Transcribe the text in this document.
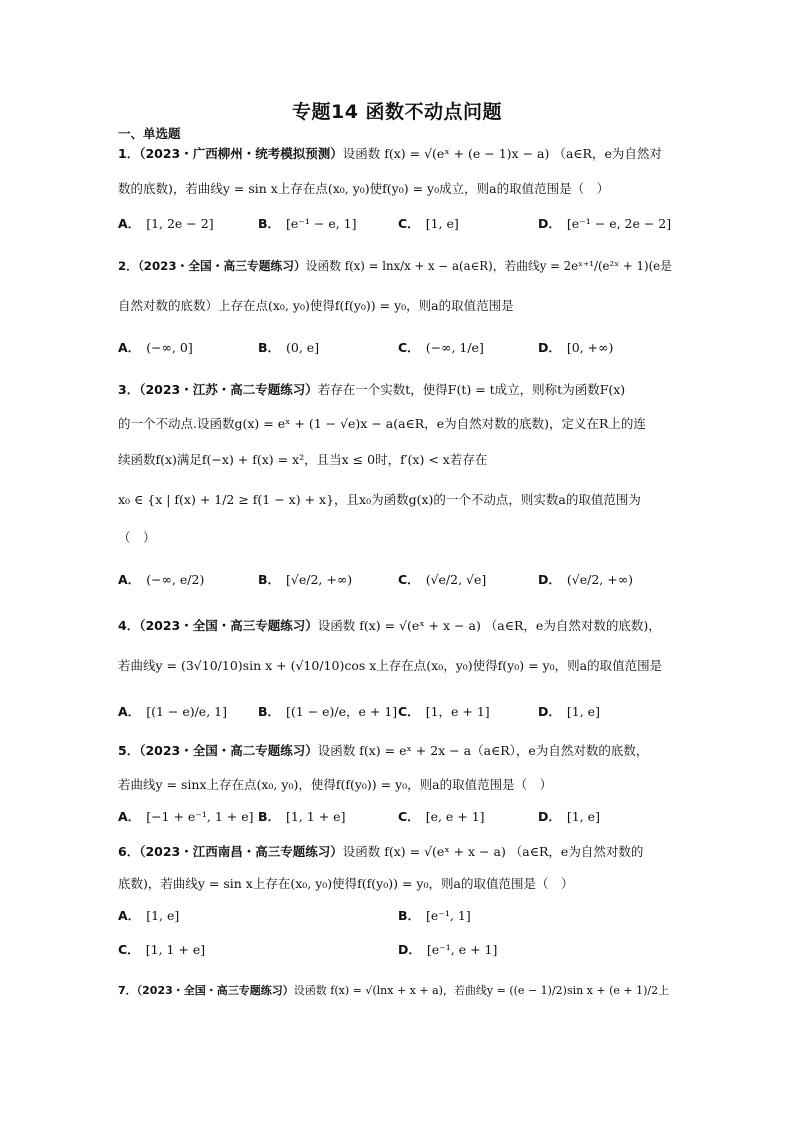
专题14 函数不动点问题
一、单选题
1．（2023・广西柳州・统考模拟预测）设函数 f(x) = √(eˣ + (e − 1)x − a) （a∈R，e为自然对
数的底数)，若曲线y = sin x上存在点(x₀, y₀)使f(y₀) = y₀成立，则a的取值范围是（　）
A． [1, 2e − 2]	B． [e⁻¹ − e, 1]	C． [1, e]	D． [e⁻¹ − e, 2e − 2]
2．（2023・全国・高三专题练习）设函数 f(x) = lnx/x + x − a(a∈R)，若曲线y = 2eˣ⁺¹/(e²ˣ + 1)(e是
自然对数的底数）上存在点(x₀, y₀)使得f(f(y₀)) = y₀，则a的取值范围是
A． (−∞, 0]	B． (0, e]	C． (−∞, 1/e]	D． [0, +∞)
3．（2023・江苏・高二专题练习）若存在一个实数t，使得F(t) = t成立，则称t为函数F(x)
的一个不动点.设函数g(x) = eˣ + (1 − √e)x − a(a∈R，e为自然对数的底数)，定义在R上的连
续函数f(x)满足f(−x) + f(x) = x²，且当x ≤ 0时，f′(x) < x若存在
x₀ ∈ {x | f(x) + 1/2 ≥ f(1 − x) + x}，且x₀为函数g(x)的一个不动点，则实数a的取值范围为
（　）
A． (−∞, e/2)	B． [√e/2, +∞)	C． (√e/2, √e]	D． (√e/2, +∞)
4．（2023・全国・高三专题练习）设函数 f(x) = √(eˣ + x − a) （a∈R，e为自然对数的底数)，
若曲线y = (3√10/10)sin x + (√10/10)cos x上存在点(x₀，y₀)使得f(y₀) = y₀，则a的取值范围是
A． [(1 − e)/e, 1] B． [(1 − e)/e，e + 1] C． [1，e + 1]	D． [1, e]
5．（2023・全国・高二专题练习）设函数 f(x) = eˣ + 2x − a（a∈R），e为自然对数的底数，
若曲线y = sinx上存在点(x₀, y₀)，使得f(f(y₀)) = y₀，则a的取值范围是（　）
A． [−1 + e⁻¹, 1 + e] B． [1, 1 + e]	C． [e, e + 1]	D． [1, e]
6．（2023・江西南昌・高三专题练习）设函数 f(x) = √(eˣ + x − a) （a∈R，e为自然对数的
底数)，若曲线y = sin x上存在(x₀, y₀)使得f(f(y₀)) = y₀，则a的取值范围是（　）
A． [1, e]	B． [e⁻¹, 1]
C． [1, 1 + e]	D． [e⁻¹, e + 1]
7．（2023・全国・高三专题练习）设函数 f(x) = √(lnx + x + a)，若曲线y = ((e − 1)/2)sin x + (e + 1)/2上
